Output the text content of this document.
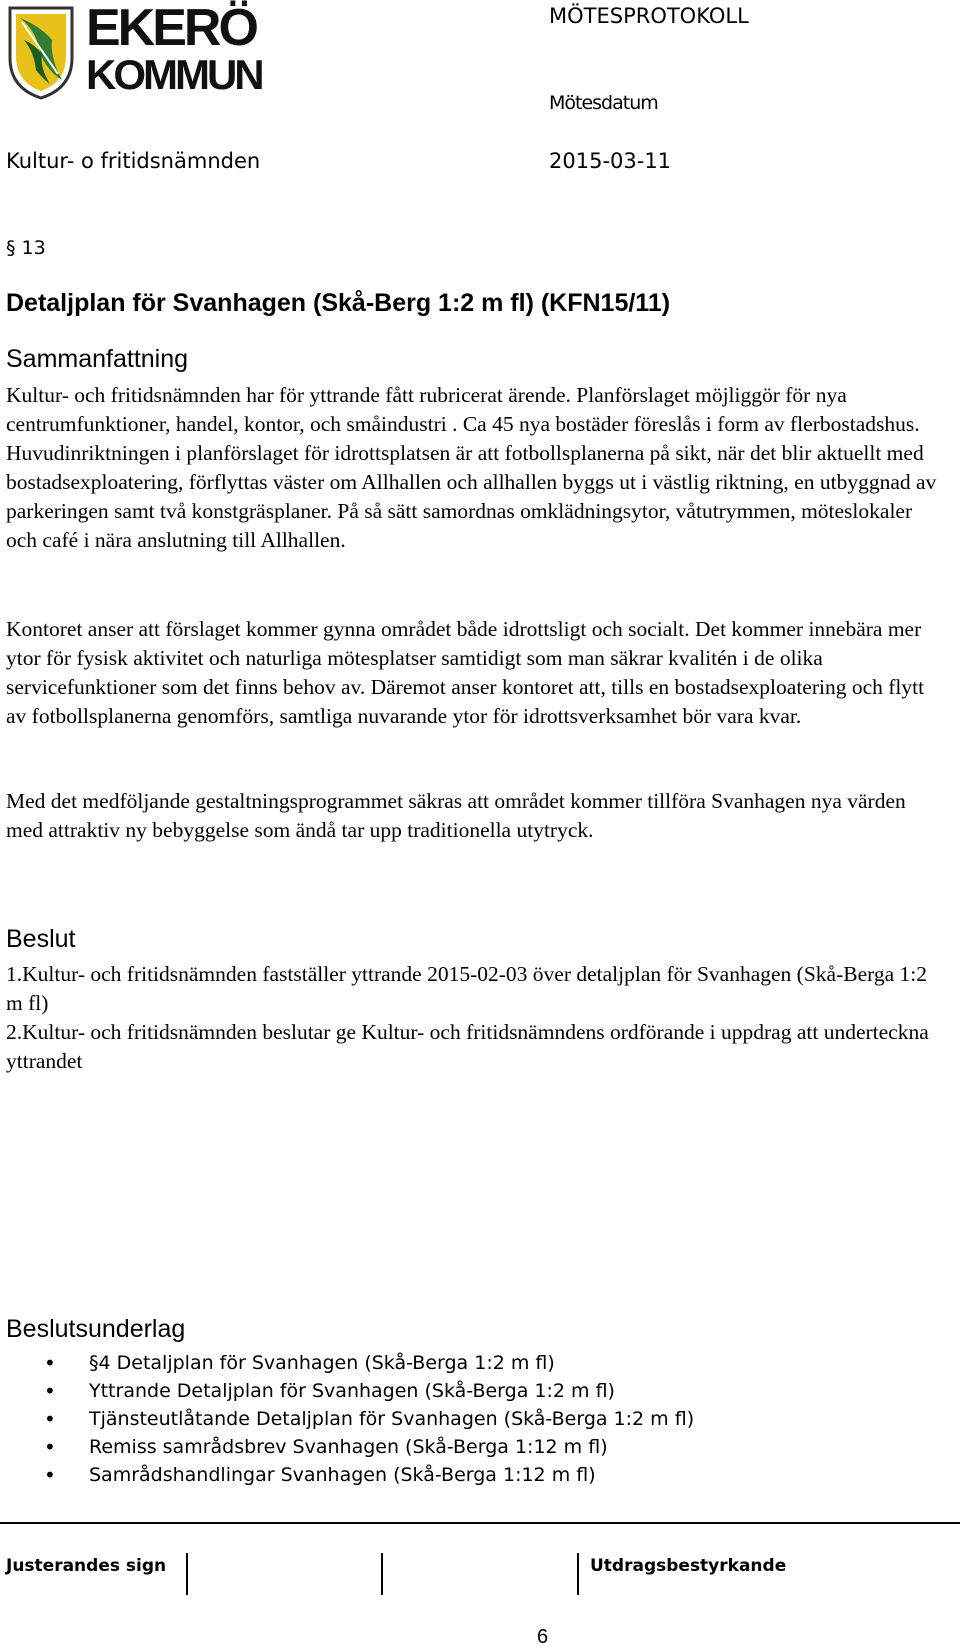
EKERÖ
KOMMUN
MÖTESPROTOKOLL
Mötesdatum
Kultur- o fritidsnämnden	2015-03-11
§ 13
Detaljplan för Svanhagen (Skå-Berg 1:2 m fl) (KFN15/11)
Sammanfattning
Kultur- och fritidsnämnden har för yttrande fått rubricerat ärende. Planförslaget möjliggör för nya centrumfunktioner, handel, kontor, och småindustri . Ca 45 nya bostäder föreslås i form av flerbostadshus. Huvudinriktningen i planförslaget för idrottsplatsen är att fotbollsplanerna på sikt, när det blir aktuellt med bostadsexploatering, förflyttas väster om Allhallen och allhallen byggs ut i västlig riktning, en utbyggnad av parkeringen samt två konstgräsplaner. På så sätt samordnas omklädningsytor, våtutrymmen, möteslokaler och café i nära anslutning till Allhallen.
Kontoret anser att förslaget kommer gynna området både idrottsligt och socialt. Det kommer innebära mer ytor för fysisk aktivitet och naturliga mötesplatser samtidigt som man säkrar kvalitén i de olika servicefunktioner som det finns behov av. Däremot anser kontoret att, tills en bostadsexploatering och flytt av fotbollsplanerna genomförs, samtliga nuvarande ytor för idrottsverksamhet bör vara kvar.
Med det medföljande gestaltningsprogrammet säkras att området kommer tillföra Svanhagen nya värden med attraktiv ny bebyggelse som ändå tar upp traditionella utytryck.
Beslut
1.Kultur- och fritidsnämnden fastställer yttrande 2015-02-03 över detaljplan för Svanhagen (Skå-Berga 1:2 m fl)
2.Kultur- och fritidsnämnden beslutar ge Kultur- och fritidsnämndens ordförande i uppdrag att underteckna yttrandet
Beslutsunderlag
• §4 Detaljplan för Svanhagen (Skå-Berga 1:2 m fl)
• Yttrande Detaljplan för Svanhagen (Skå-Berga 1:2 m fl)
• Tjänsteutlåtande Detaljplan för Svanhagen (Skå-Berga 1:2 m fl)
• Remiss samrådsbrev Svanhagen (Skå-Berga 1:12 m fl)
• Samrådshandlingar Svanhagen (Skå-Berga 1:12 m fl)
Justerandes sign	Utdragsbestyrkande
6
